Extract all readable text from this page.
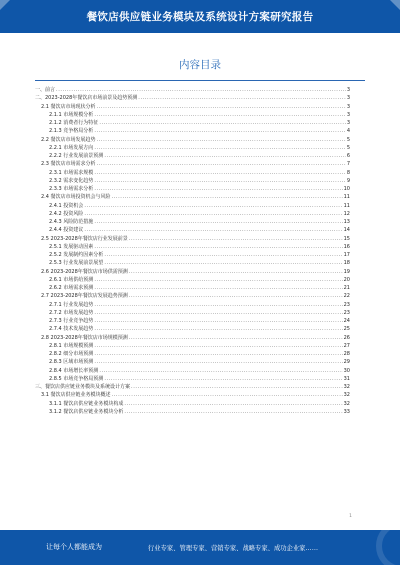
餐饮店供应链业务模块及系统设计方案研究报告
内容目录
一、前言 .....	3
二、2023-2028年餐饮店市场前景及趋势预测 .....	3
2.1 餐饮店市场现状分析 .....	3
2.1.1 市场规模分析 .....	3
2.1.2 消费者行为特征 .....	3
2.1.3 竞争格局分析 .....	4
2.2 餐饮店市场发展趋势 .....	5
2.2.1 市场发展方向 .....	5
2.2.2 行业发展前景预测 .....	6
2.3 餐饮店市场需求分析 .....	7
2.3.1 市场需求规模 .....	8
2.3.2 需求变化趋势 .....	9
2.3.3 市场需求分析 .....	10
2.4 餐饮店市场投资机会与风险 .....	11
2.4.1 投资机会 .....	11
2.4.2 投资风险 .....	12
2.4.3 风险防范措施 .....	13
2.4.4 投资建议 .....	14
2.5 2023-2028年餐饮店行业发展前景 .....	15
2.5.1 发展驱动因素 .....	16
2.5.2 发展制约因素分析 .....	17
2.5.3 行业发展前景展望 .....	18
2.6 2023-2028年餐饮店市场供需预测 .....	19
2.6.1 市场供给预测 .....	20
2.6.2 市场需求预测 .....	21
2.7 2023-2028年餐饮店发展趋势预测 .....	22
2.7.1 行业发展趋势 .....	23
2.7.2 市场发展趋势 .....	23
2.7.3 行业竞争趋势 .....	24
2.7.4 技术发展趋势 .....	25
2.8 2023-2028年餐饮店市场规模预测 .....	26
2.8.1 市场规模预测 .....	27
2.8.2 细分市场预测 .....	28
2.8.3 区域市场预测 .....	29
2.8.4 市场增长率预测 .....	30
2.8.5 市场竞争格局预测 .....	31
三、餐饮店供应链业务模块及系统设计方案 .....	32
3.1 餐饮店供应链业务模块概述 .....	32
3.1.1 餐饮店供应链业务模块构成 .....	32
3.1.2 餐饮店供应链业务模块分析 .....	33
1
让每个人都能成为	行业专家、管理专家、营销专家、战略专家、成功企业家……
